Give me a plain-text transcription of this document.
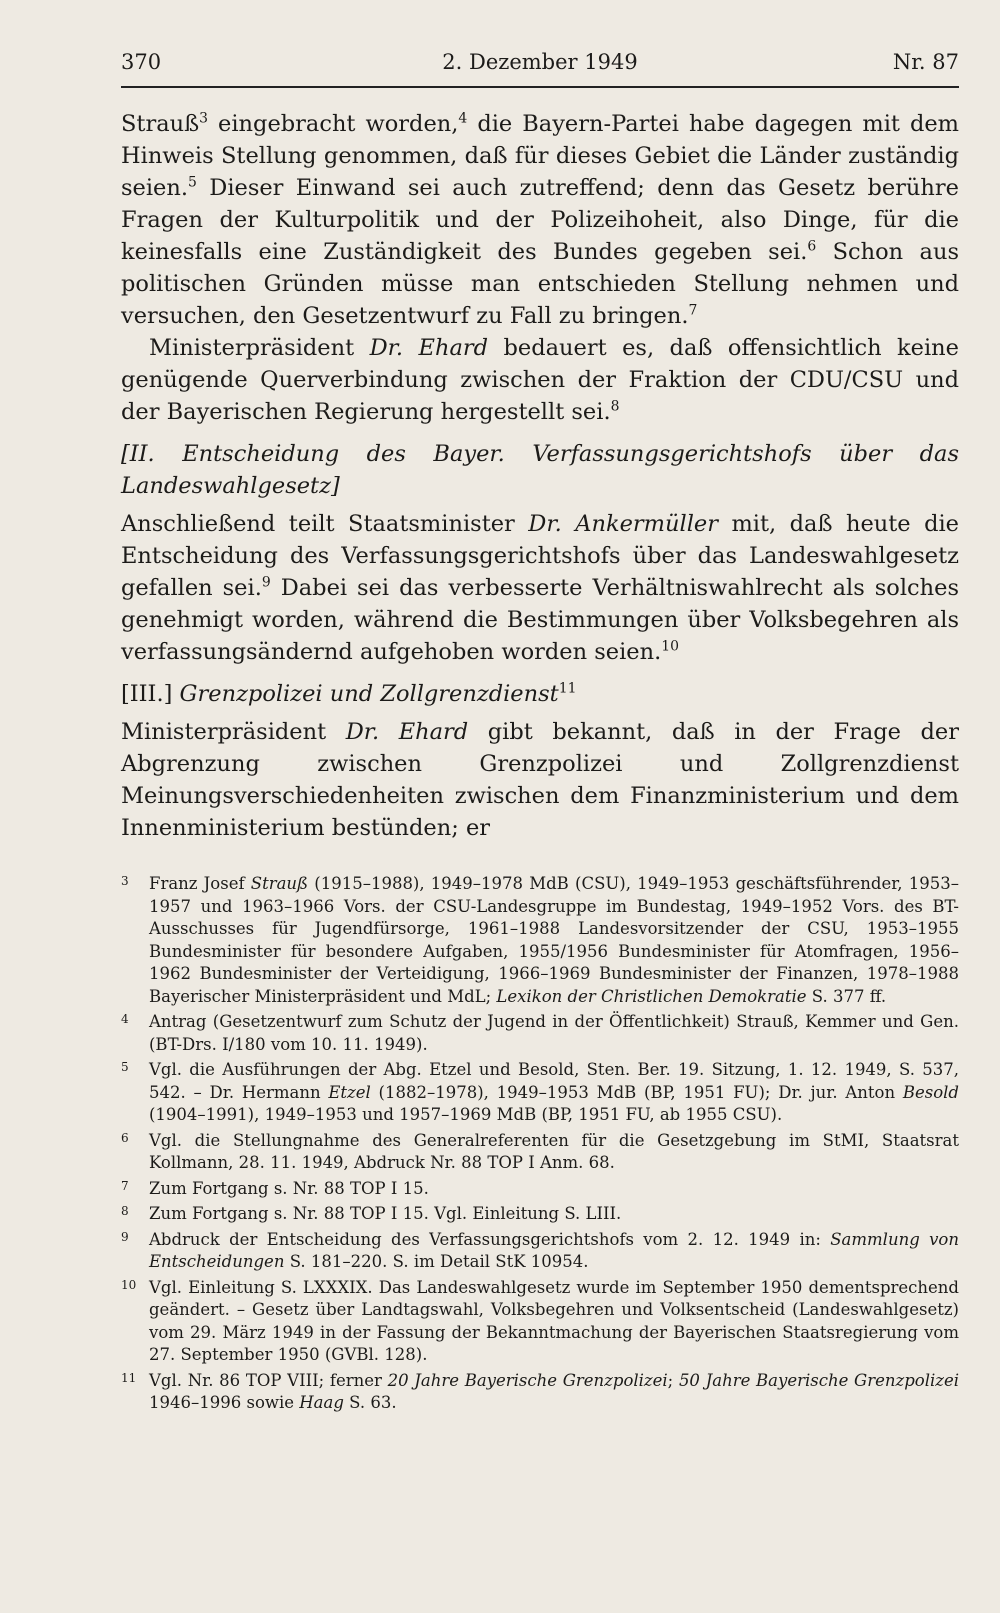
370	2. Dezember 1949	Nr. 87

Strauß$^3$ eingebracht worden,$^4$ die Bayern-Partei habe dagegen mit dem Hinweis Stellung genommen, daß für dieses Gebiet die Länder zuständig seien.$^5$ Dieser Einwand sei auch zutreffend; denn das Gesetz berühre Fragen der Kulturpolitik und der Polizeihoheit, also Dinge, für die keinesfalls eine Zuständigkeit des Bundes gegeben sei.$^6$ Schon aus politischen Gründen müsse man entschieden Stellung nehmen und versuchen, den Gesetzentwurf zu Fall zu bringen.$^7$

Ministerpräsident Dr. Ehard bedauert es, daß offensichtlich keine genügende Querverbindung zwischen der Fraktion der CDU/CSU und der Bayerischen Regierung hergestellt sei.$^8$

[II. Entscheidung des Bayer. Verfassungsgerichtshofs über das Landeswahlgesetz]

Anschließend teilt Staatsminister Dr. Ankermüller mit, daß heute die Entscheidung des Verfassungsgerichtshofs über das Landeswahlgesetz gefallen sei.$^9$ Dabei sei das verbesserte Verhältniswahlrecht als solches genehmigt worden, während die Bestimmungen über Volksbegehren als verfassungsändernd aufgehoben worden seien.$^{10}$

[III.] Grenzpolizei und Zollgrenzdienst$^{11}$

Ministerpräsident Dr. Ehard gibt bekannt, daß in der Frage der Abgrenzung zwischen Grenzpolizei und Zollgrenzdienst Meinungsverschiedenheiten zwischen dem Finanzministerium und dem Innenministerium bestünden; er

3 Franz Josef Strauß (1915–1988), 1949–1978 MdB (CSU), 1949–1953 geschäftsführender, 1953–1957 und 1963–1966 Vors. der CSU-Landesgruppe im Bundestag, 1949–1952 Vors. des BT-Ausschusses für Jugendfürsorge, 1961–1988 Landesvorsitzender der CSU, 1953–1955 Bundesminister für besondere Aufgaben, 1955/1956 Bundesminister für Atomfragen, 1956–1962 Bundesminister der Verteidigung, 1966–1969 Bundesminister der Finanzen, 1978–1988 Bayerischer Ministerpräsident und MdL; Lexikon der Christlichen Demokratie S. 377 ff.
4 Antrag (Gesetzentwurf zum Schutz der Jugend in der Öffentlichkeit) Strauß, Kemmer und Gen. (BT-Drs. I/180 vom 10. 11. 1949).
5 Vgl. die Ausführungen der Abg. Etzel und Besold, Sten. Ber. 19. Sitzung, 1. 12. 1949, S. 537, 542. – Dr. Hermann Etzel (1882–1978), 1949–1953 MdB (BP, 1951 FU); Dr. jur. Anton Besold (1904–1991), 1949–1953 und 1957–1969 MdB (BP, 1951 FU, ab 1955 CSU).
6 Vgl. die Stellungnahme des Generalreferenten für die Gesetzgebung im StMI, Staatsrat Kollmann, 28. 11. 1949, Abdruck Nr. 88 TOP I Anm. 68.
7 Zum Fortgang s. Nr. 88 TOP I 15.
8 Zum Fortgang s. Nr. 88 TOP I 15. Vgl. Einleitung S. LIII.
9 Abdruck der Entscheidung des Verfassungsgerichtshofs vom 2. 12. 1949 in: Sammlung von Entscheidungen S. 181–220. S. im Detail StK 10954.
10 Vgl. Einleitung S. LXXXIX. Das Landeswahlgesetz wurde im September 1950 dementsprechend geändert. – Gesetz über Landtagswahl, Volksbegehren und Volksentscheid (Landeswahlgesetz) vom 29. März 1949 in der Fassung der Bekanntmachung der Bayerischen Staatsregierung vom 27. September 1950 (GVBl. 128).
11 Vgl. Nr. 86 TOP VIII; ferner 20 Jahre Bayerische Grenzpolizei; 50 Jahre Bayerische Grenzpolizei 1946–1996 sowie Haag S. 63.
